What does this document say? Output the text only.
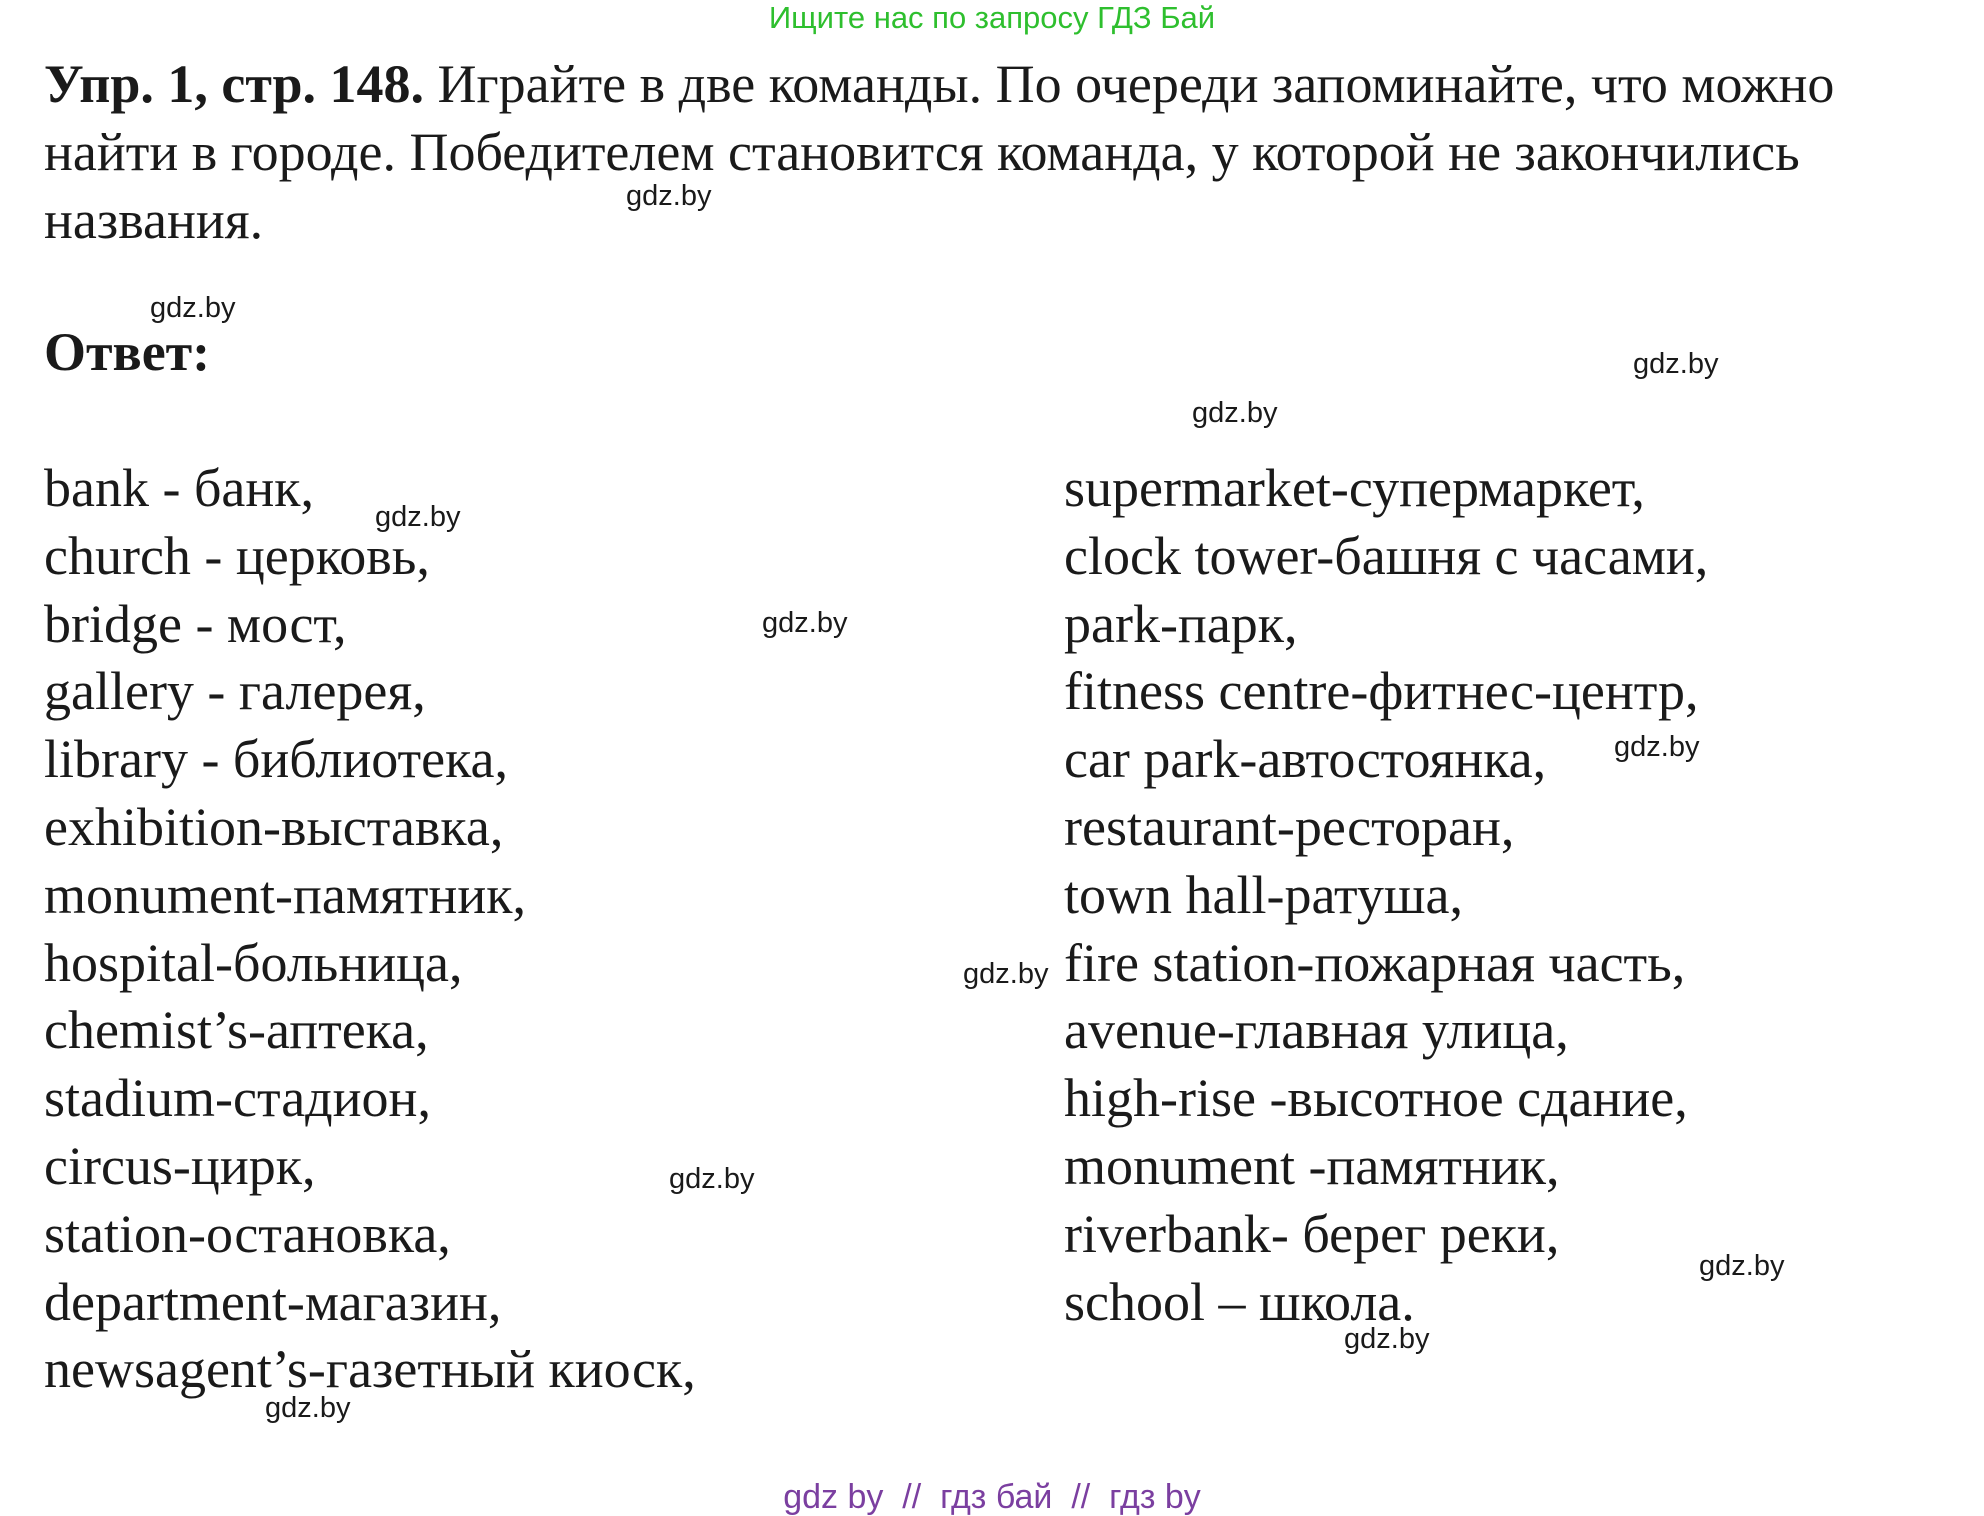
Ищите нас по запросу ГДЗ Бай

Упр. 1, стр. 148. Играйте в две команды. По очереди запоминайте, что можно найти в городе. Победителем становится команда, у которой не закончились названия.

Ответ:
bank - банк,
church - церковь,
bridge - мост,
gallery - галерея,
library - библиотека,
exhibition-выставка,
monument-памятник,
hospital-больница,
chemist’s-аптека,
stadium-стадион,
circus-цирк,
station-остановка,
department-магазин,
newsagent’s-газетный киоск,
supermarket-супермаркет,
clock tower-башня с часами,
park-парк,
fitness centre-фитнес-центр,
car park-автостоянка,
restaurant-ресторан,
town hall-ратуша,
fire station-пожарная часть,
avenue-главная улица,
high-rise -высотное сдание,
monument -памятник,
riverbank- берег реки,
school – школа.
gdz.by
gdz.by
gdz.by
gdz.by
gdz.by
gdz.by
gdz.by
gdz.by
gdz.by
gdz.by
gdz.by
gdz.by
gdz by  //  гдз бай  //  гдз by
